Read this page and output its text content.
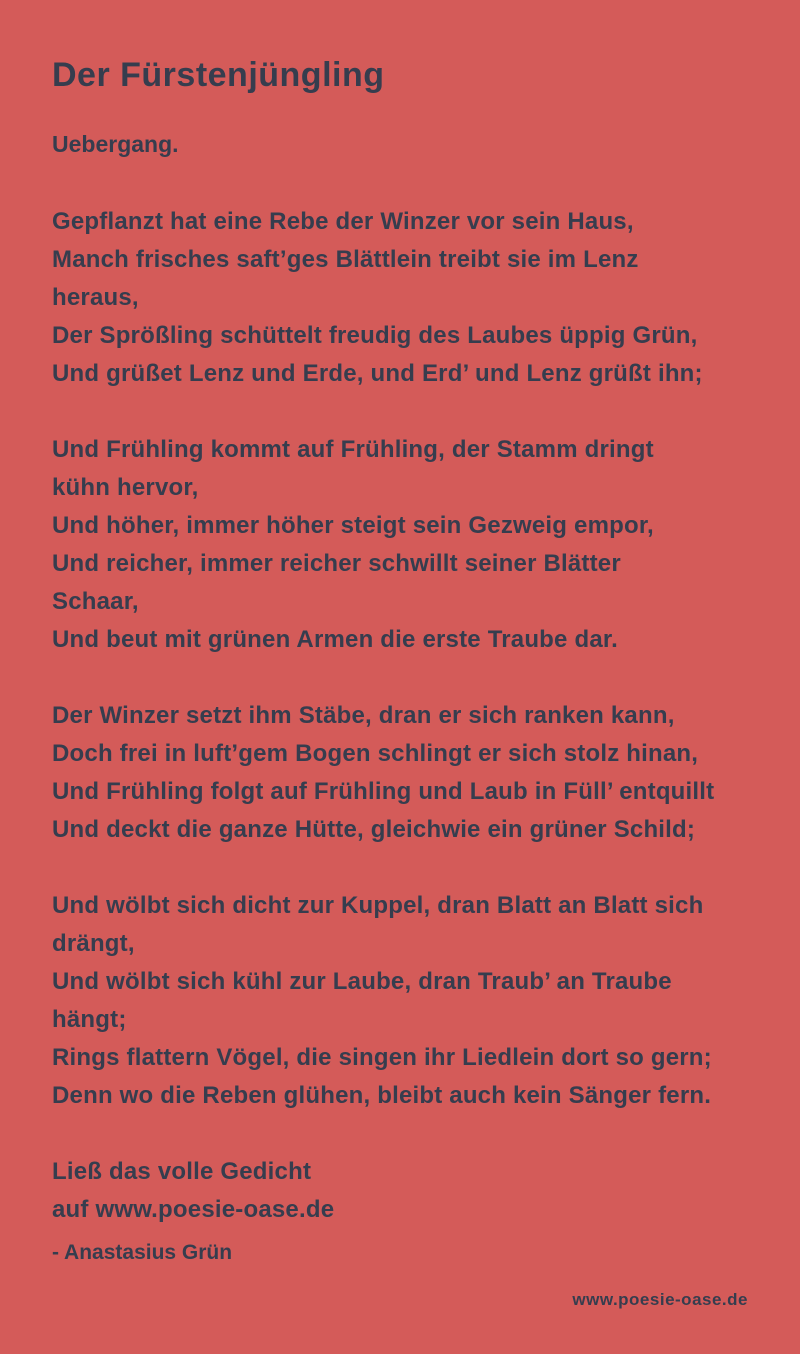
Der Fürstenjüngling
Uebergang.
Gepflanzt hat eine Rebe der Winzer vor sein Haus,
Manch frisches saft’ges Blättlein treibt sie im Lenz
heraus,
Der Sprößling schüttelt freudig des Laubes üppig Grün,
Und grüßet Lenz und Erde, und Erd’ und Lenz grüßt ihn;
Und Frühling kommt auf Frühling, der Stamm dringt
kühn hervor,
Und höher, immer höher steigt sein Gezweig empor,
Und reicher, immer reicher schwillt seiner Blätter
Schaar,
Und beut mit grünen Armen die erste Traube dar.
Der Winzer setzt ihm Stäbe, dran er sich ranken kann,
Doch frei in luft’gem Bogen schlingt er sich stolz hinan,
Und Frühling folgt auf Frühling und Laub in Füll’ entquillt
Und deckt die ganze Hütte, gleichwie ein grüner Schild;
Und wölbt sich dicht zur Kuppel, dran Blatt an Blatt sich
drängt,
Und wölbt sich kühl zur Laube, dran Traub’ an Traube
hängt;
Rings flattern Vögel, die singen ihr Liedlein dort so gern;
Denn wo die Reben glühen, bleibt auch kein Sänger fern.
Ließ das volle Gedicht
auf www.poesie-oase.de
- Anastasius Grün
www.poesie-oase.de
